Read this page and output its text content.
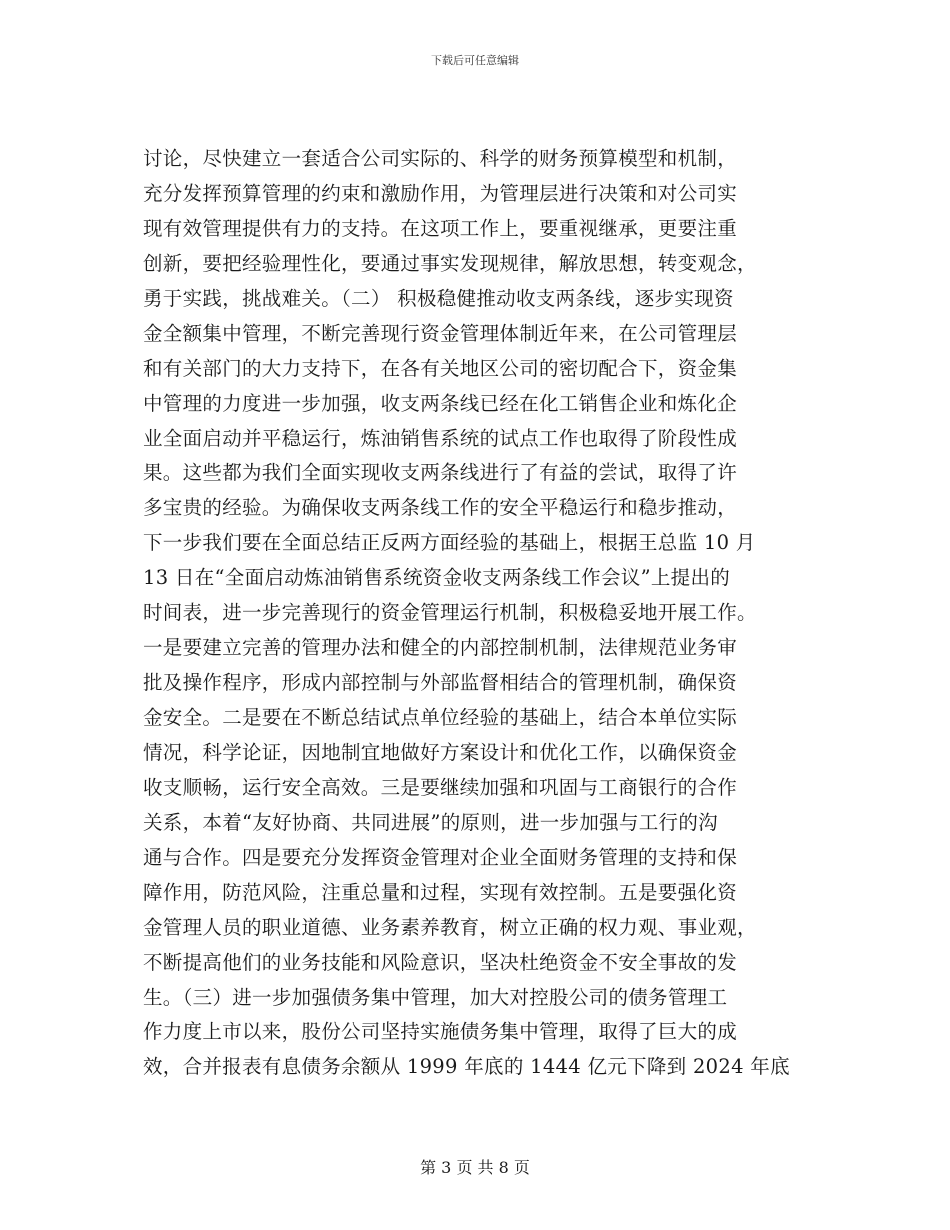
下载后可任意编辑
讨论，尽快建立一套适合公司实际的、科学的财务预算模型和机制，
充分发挥预算管理的约束和激励作用，为管理层进行决策和对公司实
现有效管理提供有力的支持。在这项工作上，要重视继承，更要注重
创新，要把经验理性化，要通过事实发现规律，解放思想，转变观念，
勇于实践，挑战难关。（二） 积极稳健推动收支两条线，逐步实现资
金全额集中管理，不断完善现行资金管理体制近年来，在公司管理层
和有关部门的大力支持下，在各有关地区公司的密切配合下，资金集
中管理的力度进一步加强，收支两条线已经在化工销售企业和炼化企
业全面启动并平稳运行，炼油销售系统的试点工作也取得了阶段性成
果。这些都为我们全面实现收支两条线进行了有益的尝试，取得了许
多宝贵的经验。为确保收支两条线工作的安全平稳运行和稳步推动，
下一步我们要在全面总结正反两方面经验的基础上，根据王总监 10 月
13 日在“全面启动炼油销售系统资金收支两条线工作会议”上提出的
时间表，进一步完善现行的资金管理运行机制，积极稳妥地开展工作。
一是要建立完善的管理办法和健全的内部控制机制，法律规范业务审
批及操作程序，形成内部控制与外部监督相结合的管理机制，确保资
金安全。二是要在不断总结试点单位经验的基础上，结合本单位实际
情况，科学论证，因地制宜地做好方案设计和优化工作，以确保资金
收支顺畅，运行安全高效。三是要继续加强和巩固与工商银行的合作
关系，本着“友好协商、共同进展”的原则，进一步加强与工行的沟
通与合作。四是要充分发挥资金管理对企业全面财务管理的支持和保
障作用，防范风险，注重总量和过程，实现有效控制。五是要强化资
金管理人员的职业道德、业务素养教育，树立正确的权力观、事业观，
不断提高他们的业务技能和风险意识，坚决杜绝资金不安全事故的发
生。（三）进一步加强债务集中管理，加大对控股公司的债务管理工
作力度上市以来，股份公司坚持实施债务集中管理，取得了巨大的成
效，合并报表有息债务余额从 1999 年底的 1444 亿元下降到 2024 年底
第 3 页 共 8 页
